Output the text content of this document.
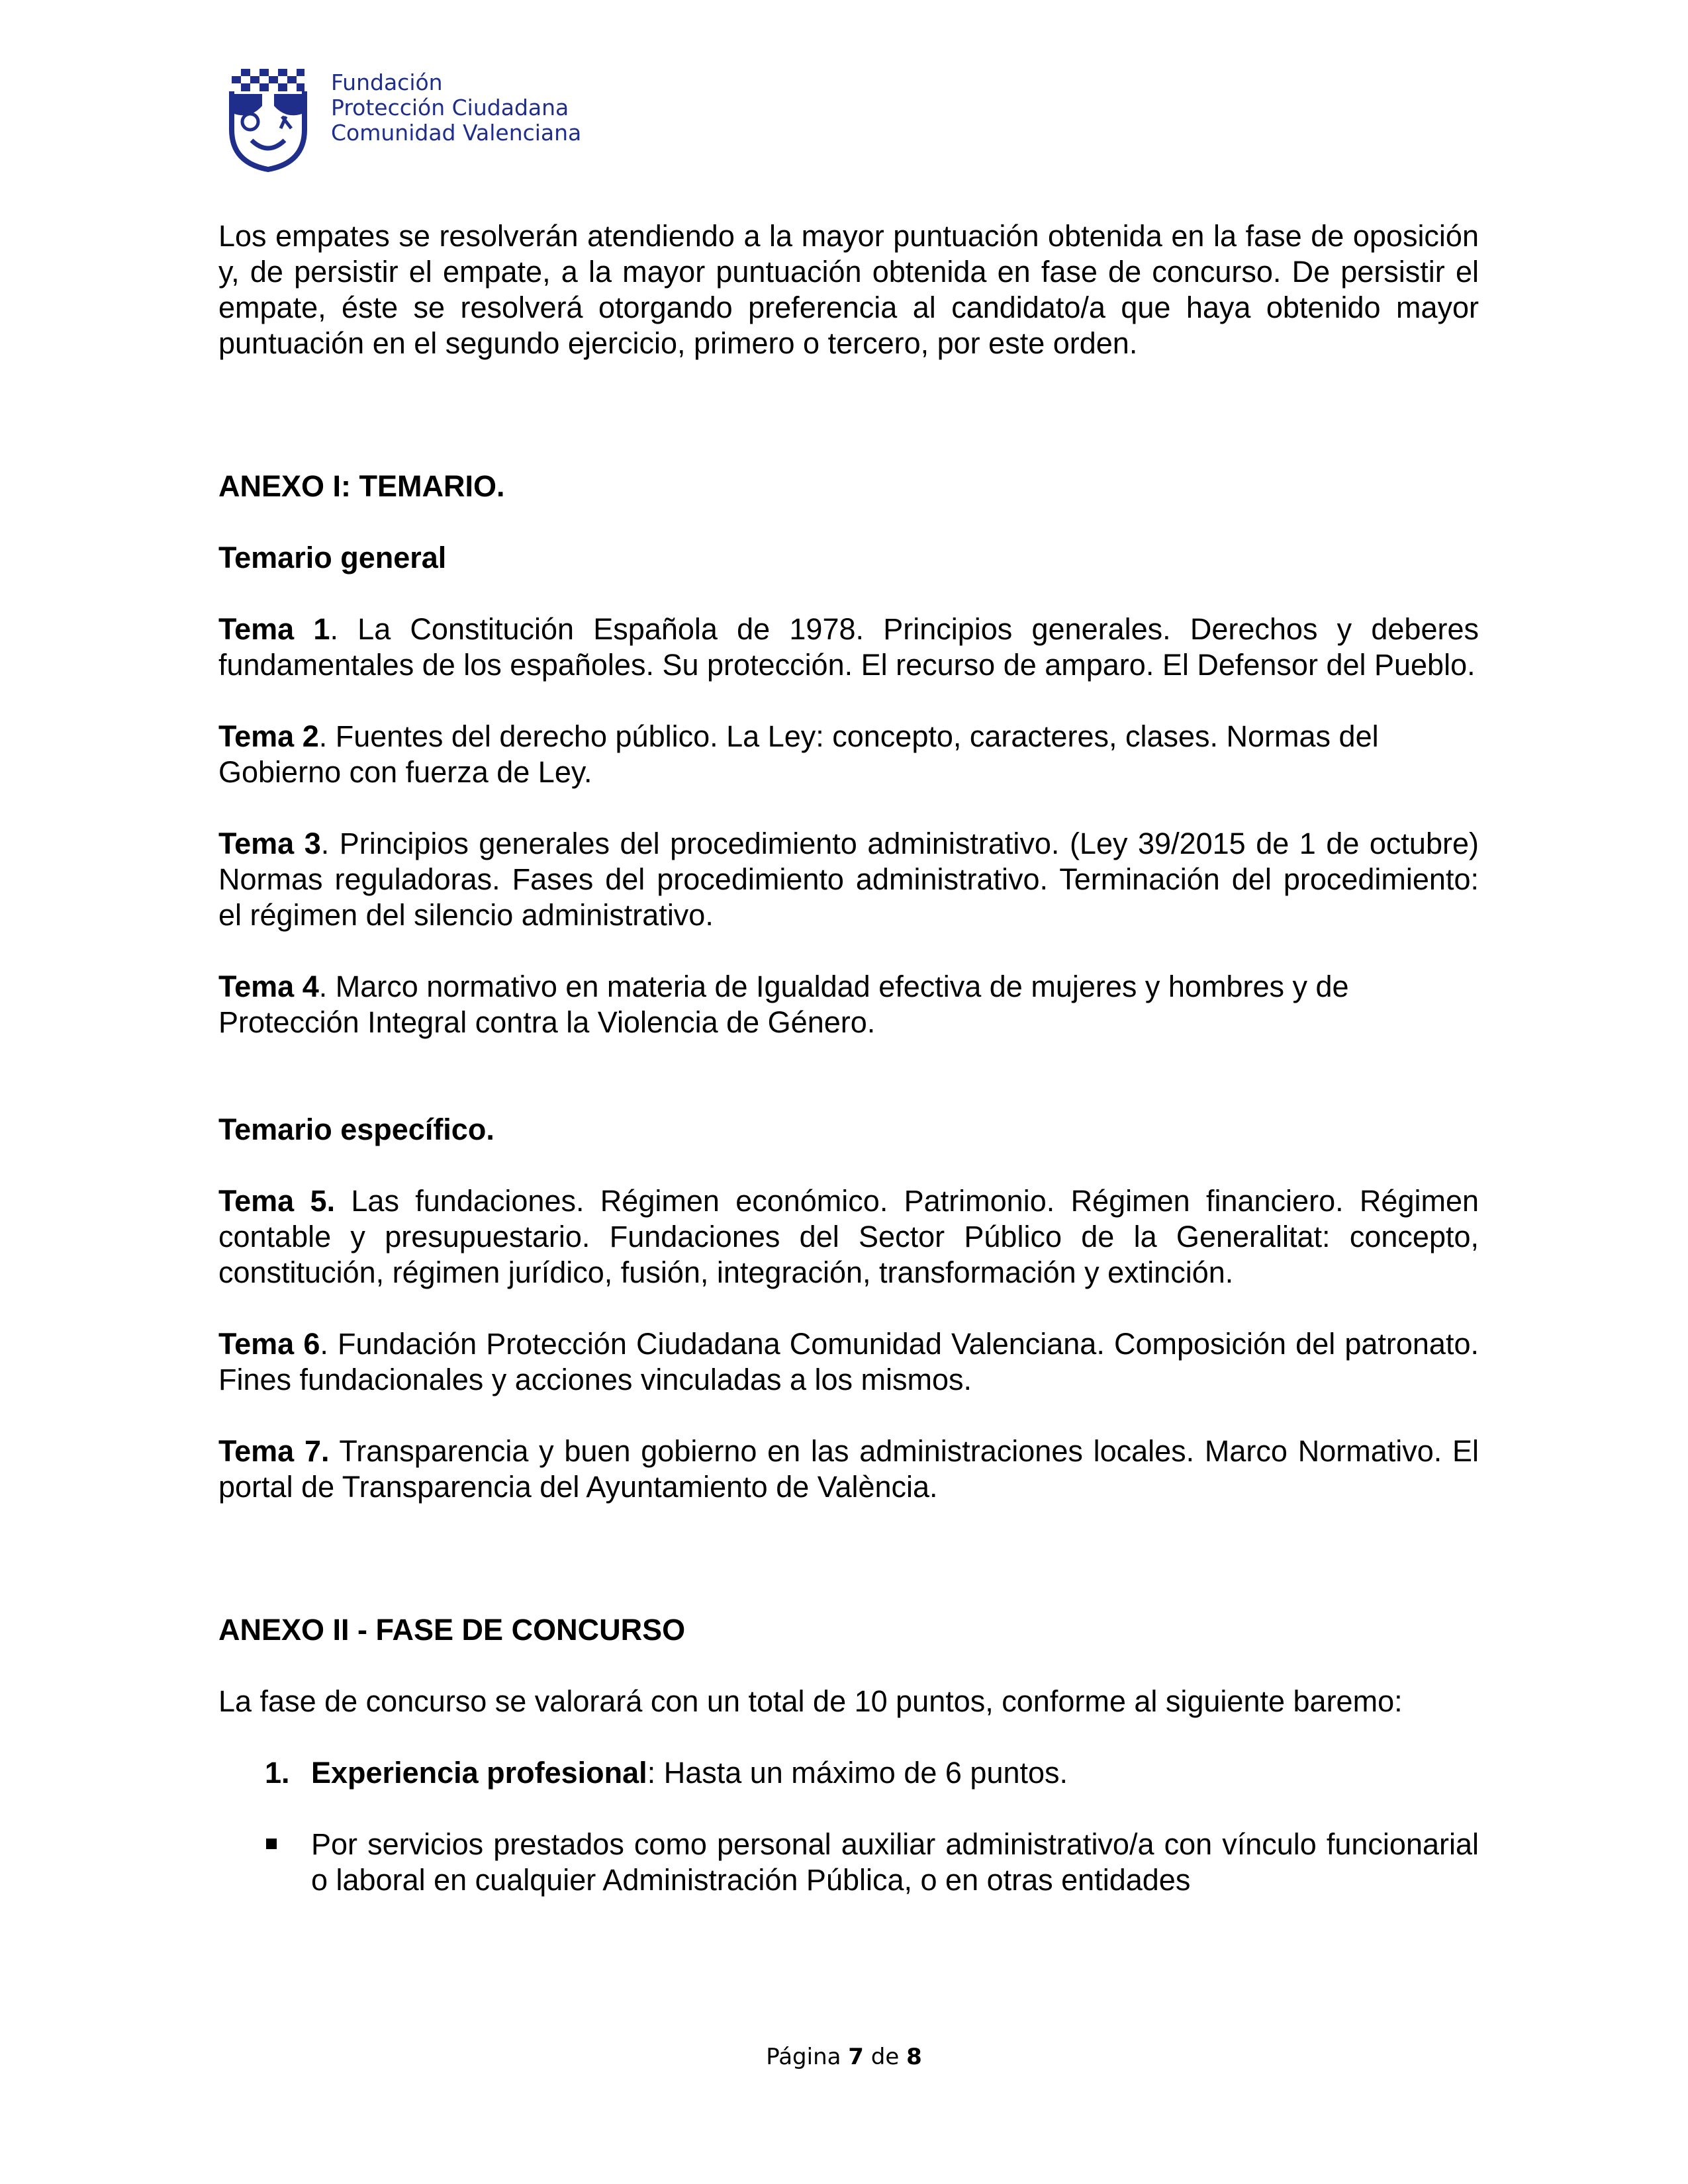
Fundación
Protección Ciudadana
Comunidad Valenciana

Los empates se resolverán atendiendo a la mayor puntuación obtenida en la fase de oposición y, de persistir el empate, a la mayor puntuación obtenida en fase de concurso. De persistir el empate, éste se resolverá otorgando preferencia al candidato/a que haya obtenido mayor puntuación en el segundo ejercicio, primero o tercero, por este orden.

ANEXO I: TEMARIO.

Temario general

Tema 1. La Constitución Española de 1978. Principios generales. Derechos y deberes fundamentales de los españoles. Su protección. El recurso de amparo. El Defensor del Pueblo.

Tema 2. Fuentes del derecho público. La Ley: concepto, caracteres, clases. Normas del Gobierno con fuerza de Ley.

Tema 3. Principios generales del procedimiento administrativo. (Ley 39/2015 de 1 de octubre) Normas reguladoras. Fases del procedimiento administrativo. Terminación del procedimiento: el régimen del silencio administrativo.

Tema 4. Marco normativo en materia de Igualdad efectiva de mujeres y hombres y de Protección Integral contra la Violencia de Género.

Temario específico.

Tema 5. Las fundaciones. Régimen económico. Patrimonio. Régimen financiero. Régimen contable y presupuestario. Fundaciones del Sector Público de la Generalitat: concepto, constitución, régimen jurídico, fusión, integración, transformación y extinción.

Tema 6. Fundación Protección Ciudadana Comunidad Valenciana. Composición del patronato. Fines fundacionales y acciones vinculadas a los mismos.

Tema 7. Transparencia y buen gobierno en las administraciones locales. Marco Normativo. El portal de Transparencia del Ayuntamiento de València.

ANEXO II - FASE DE CONCURSO

La fase de concurso se valorará con un total de 10 puntos, conforme al siguiente baremo:

1. Experiencia profesional: Hasta un máximo de 6 puntos.

Por servicios prestados como personal auxiliar administrativo/a con vínculo funcionarial o laboral en cualquier Administración Pública, o en otras entidades

Página 7 de 8
